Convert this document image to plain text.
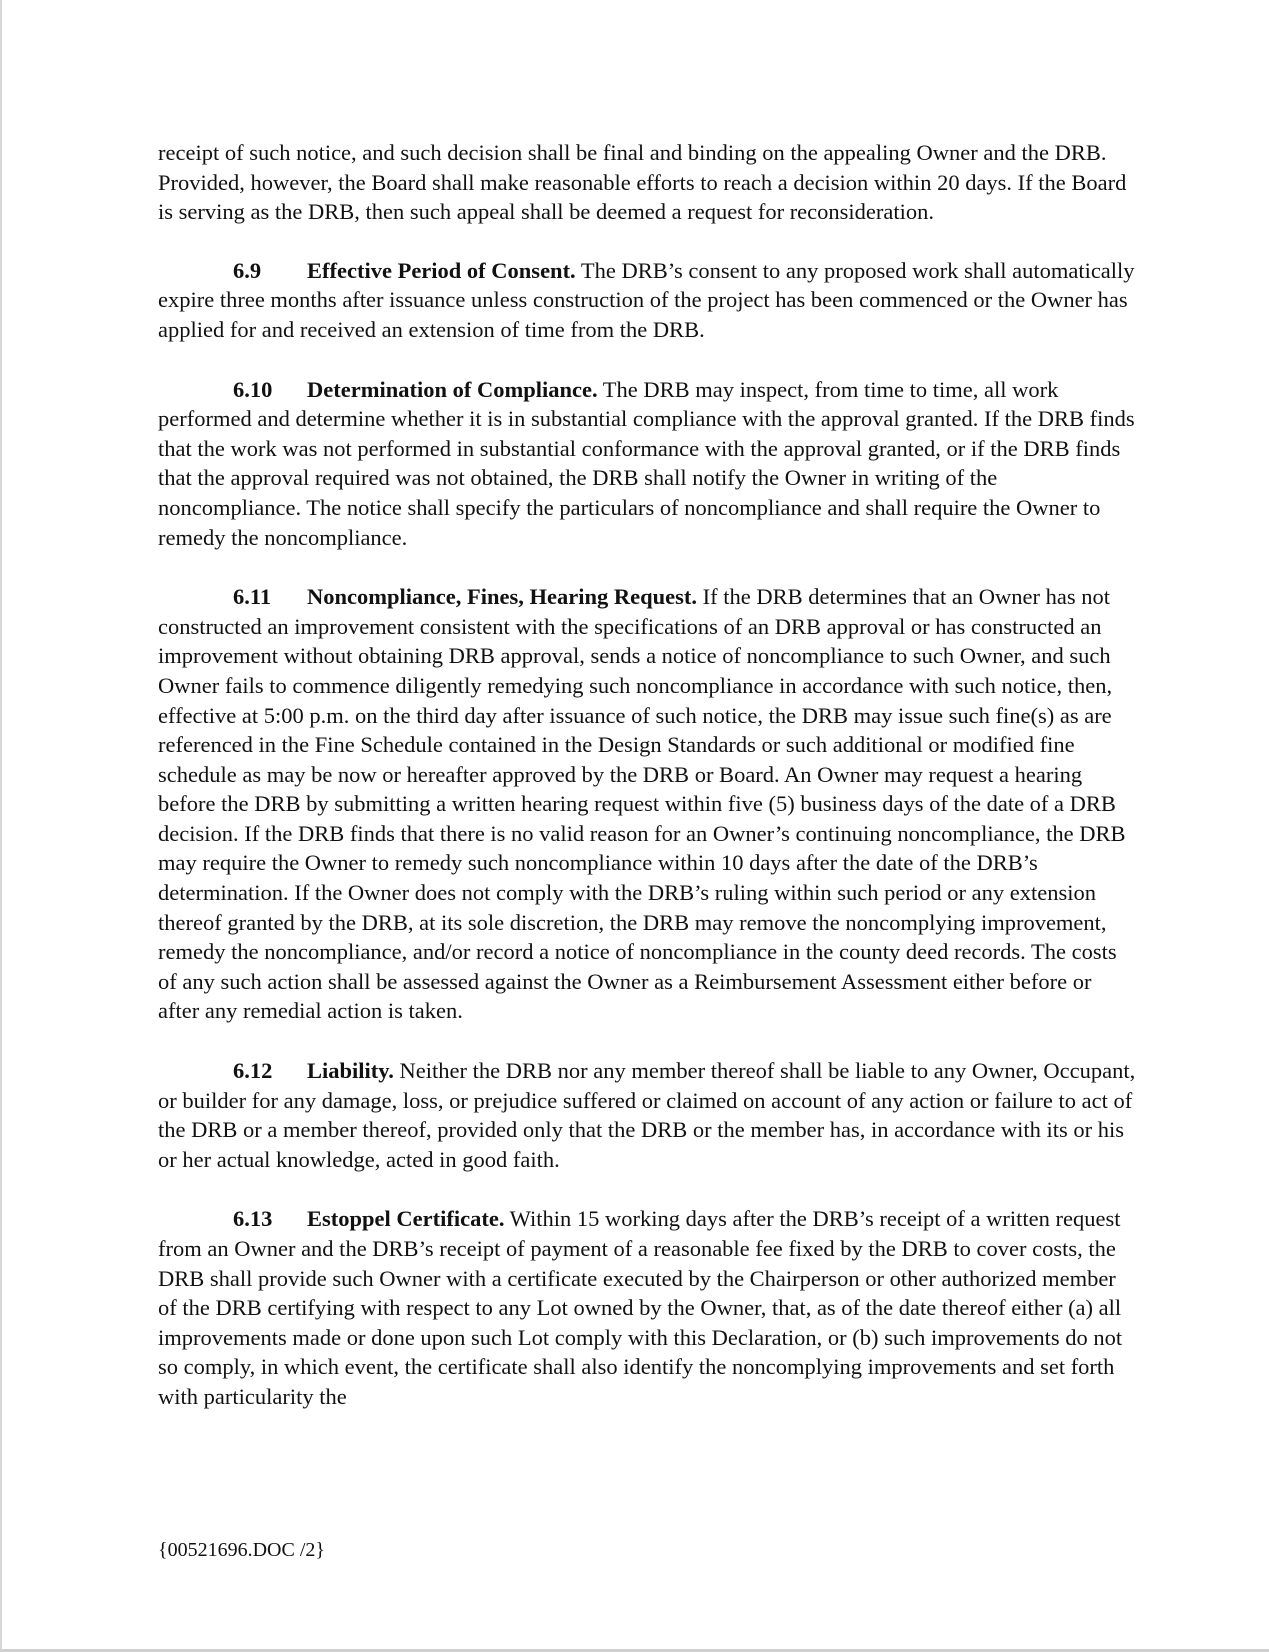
receipt of such notice, and such decision shall be final and binding on the appealing Owner and the DRB. Provided, however, the Board shall make reasonable efforts to reach a decision within 20 days. If the Board is serving as the DRB, then such appeal shall be deemed a request for reconsideration.

6.9 Effective Period of Consent. The DRB’s consent to any proposed work shall automatically expire three months after issuance unless construction of the project has been commenced or the Owner has applied for and received an extension of time from the DRB.

6.10 Determination of Compliance. The DRB may inspect, from time to time, all work performed and determine whether it is in substantial compliance with the approval granted. If the DRB finds that the work was not performed in substantial conformance with the approval granted, or if the DRB finds that the approval required was not obtained, the DRB shall notify the Owner in writing of the noncompliance. The notice shall specify the particulars of noncompliance and shall require the Owner to remedy the noncompliance.

6.11 Noncompliance, Fines, Hearing Request. If the DRB determines that an Owner has not constructed an improvement consistent with the specifications of an DRB approval or has constructed an improvement without obtaining DRB approval, sends a notice of noncompliance to such Owner, and such Owner fails to commence diligently remedying such noncompliance in accordance with such notice, then, effective at 5:00 p.m. on the third day after issuance of such notice, the DRB may issue such fine(s) as are referenced in the Fine Schedule contained in the Design Standards or such additional or modified fine schedule as may be now or hereafter approved by the DRB or Board. An Owner may request a hearing before the DRB by submitting a written hearing request within five (5) business days of the date of a DRB decision. If the DRB finds that there is no valid reason for an Owner’s continuing noncompliance, the DRB may require the Owner to remedy such noncompliance within 10 days after the date of the DRB’s determination. If the Owner does not comply with the DRB’s ruling within such period or any extension thereof granted by the DRB, at its sole discretion, the DRB may remove the noncomplying improvement, remedy the noncompliance, and/or record a notice of noncompliance in the county deed records. The costs of any such action shall be assessed against the Owner as a Reimbursement Assessment either before or after any remedial action is taken.

6.12 Liability. Neither the DRB nor any member thereof shall be liable to any Owner, Occupant, or builder for any damage, loss, or prejudice suffered or claimed on account of any action or failure to act of the DRB or a member thereof, provided only that the DRB or the member has, in accordance with its or his or her actual knowledge, acted in good faith.

6.13 Estoppel Certificate. Within 15 working days after the DRB’s receipt of a written request from an Owner and the DRB’s receipt of payment of a reasonable fee fixed by the DRB to cover costs, the DRB shall provide such Owner with a certificate executed by the Chairperson or other authorized member of the DRB certifying with respect to any Lot owned by the Owner, that, as of the date thereof either (a) all improvements made or done upon such Lot comply with this Declaration, or (b) such improvements do not so comply, in which event, the certificate shall also identify the noncomplying improvements and set forth with particularity the

{00521696.DOC /2}
